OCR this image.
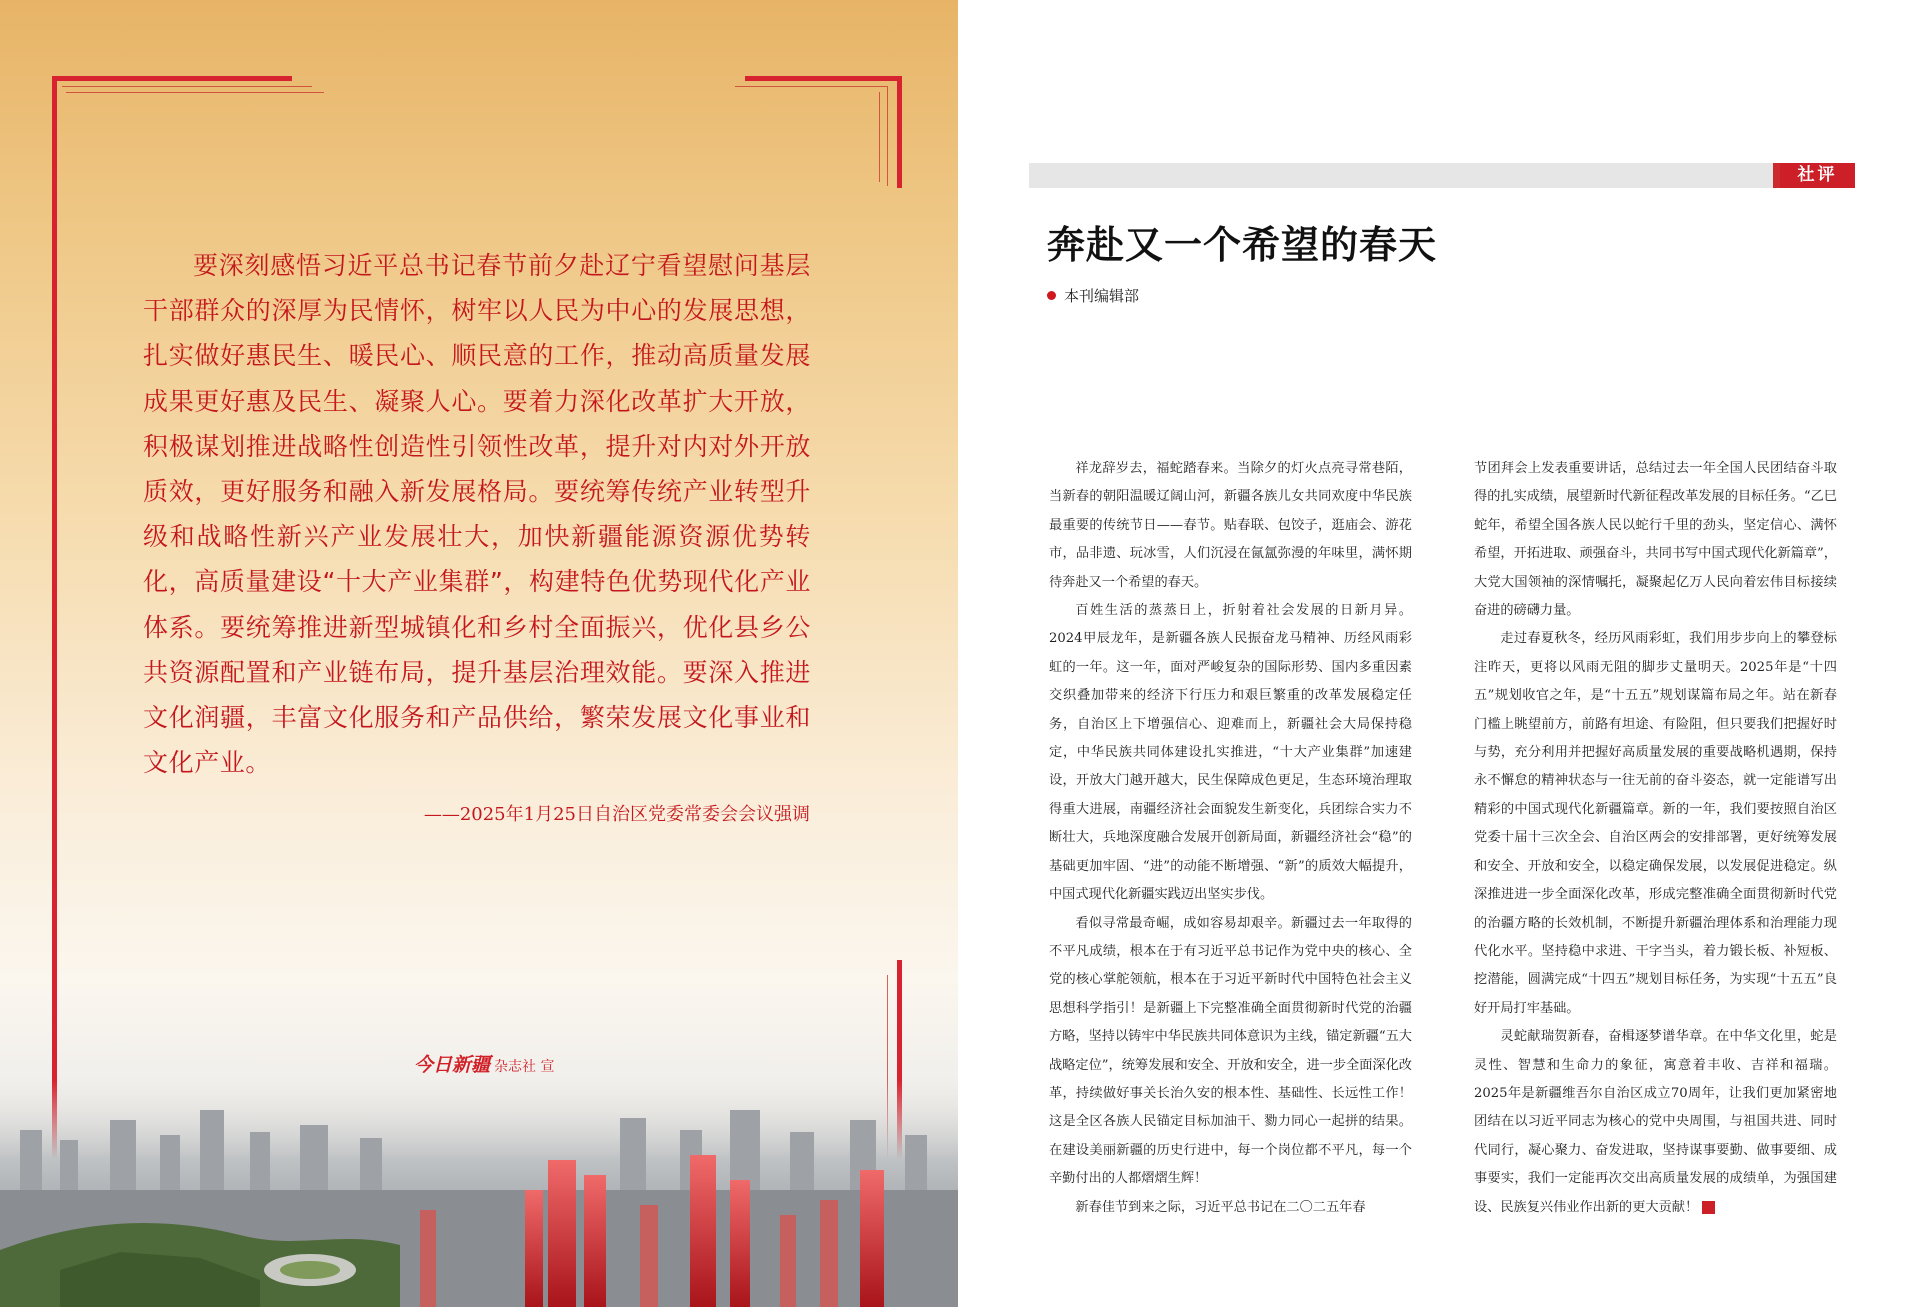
要深刻感悟习近平总书记春节前夕赴辽宁看望慰问基层干部群众的深厚为民情怀，树牢以人民为中心的发展思想，扎实做好惠民生、暖民心、顺民意的工作，推动高质量发展成果更好惠及民生、凝聚人心。要着力深化改革扩大开放，积极谋划推进战略性创造性引领性改革，提升对内对外开放质效，更好服务和融入新发展格局。要统筹传统产业转型升级和战略性新兴产业发展壮大，加快新疆能源资源优势转化，高质量建设“十大产业集群”，构建特色优势现代化产业体系。要统筹推进新型城镇化和乡村全面振兴，优化县乡公共资源配置和产业链布局，提升基层治理效能。要深入推进文化润疆，丰富文化服务和产品供给，繁荣发展文化事业和文化产业。

——2025年1月25日自治区党委常委会会议强调
今日新疆 杂志社 宣
社评
奔赴又一个希望的春天
本刊编辑部

祥龙辞岁去，福蛇踏春来。当除夕的灯火点亮寻常巷陌，当新春的朝阳温暖辽阔山河，新疆各族儿女共同欢度中华民族最重要的传统节日——春节。贴春联、包饺子，逛庙会、游花市，品非遗、玩冰雪，人们沉浸在氤氲弥漫的年味里，满怀期待奔赴又一个希望的春天。

百姓生活的蒸蒸日上，折射着社会发展的日新月异。2024甲辰龙年，是新疆各族人民振奋龙马精神、历经风雨彩虹的一年。这一年，面对严峻复杂的国际形势、国内多重因素交织叠加带来的经济下行压力和艰巨繁重的改革发展稳定任务，自治区上下增强信心、迎难而上，新疆社会大局保持稳定，中华民族共同体建设扎实推进，“十大产业集群”加速建设，开放大门越开越大，民生保障成色更足，生态环境治理取得重大进展，南疆经济社会面貌发生新变化，兵团综合实力不断壮大，兵地深度融合发展开创新局面，新疆经济社会“稳”的基础更加牢固、“进”的动能不断增强、“新”的质效大幅提升，中国式现代化新疆实践迈出坚实步伐。

看似寻常最奇崛，成如容易却艰辛。新疆过去一年取得的不平凡成绩，根本在于有习近平总书记作为党中央的核心、全党的核心掌舵领航，根本在于习近平新时代中国特色社会主义思想科学指引！是新疆上下完整准确全面贯彻新时代党的治疆方略，坚持以铸牢中华民族共同体意识为主线，锚定新疆“五大战略定位”，统筹发展和安全、开放和安全，进一步全面深化改革，持续做好事关长治久安的根本性、基础性、长远性工作！这是全区各族人民锚定目标加油干、勠力同心一起拼的结果。在建设美丽新疆的历史行进中，每一个岗位都不平凡，每一个辛勤付出的人都熠熠生辉！

新春佳节到来之际，习近平总书记在二〇二五年春

节团拜会上发表重要讲话，总结过去一年全国人民团结奋斗取得的扎实成绩，展望新时代新征程改革发展的目标任务。“乙巳蛇年，希望全国各族人民以蛇行千里的劲头，坚定信心、满怀希望，开拓进取、顽强奋斗，共同书写中国式现代化新篇章”，大党大国领袖的深情嘱托，凝聚起亿万人民向着宏伟目标接续奋进的磅礴力量。

走过春夏秋冬，经历风雨彩虹，我们用步步向上的攀登标注昨天，更将以风雨无阻的脚步丈量明天。2025年是“十四五”规划收官之年，是“十五五”规划谋篇布局之年。站在新春门槛上眺望前方，前路有坦途、有险阻，但只要我们把握好时与势，充分利用并把握好高质量发展的重要战略机遇期，保持永不懈怠的精神状态与一往无前的奋斗姿态，就一定能谱写出精彩的中国式现代化新疆篇章。新的一年，我们要按照自治区党委十届十三次全会、自治区两会的安排部署，更好统筹发展和安全、开放和安全，以稳定确保发展，以发展促进稳定。纵深推进进一步全面深化改革，形成完整准确全面贯彻新时代党的治疆方略的长效机制，不断提升新疆治理体系和治理能力现代化水平。坚持稳中求进、干字当头，着力锻长板、补短板、挖潜能，圆满完成“十四五”规划目标任务，为实现“十五五”良好开局打牢基础。

灵蛇献瑞贺新春，奋楫逐梦谱华章。在中华文化里，蛇是灵性、智慧和生命力的象征，寓意着丰收、吉祥和福瑞。2025年是新疆维吾尔自治区成立70周年，让我们更加紧密地团结在以习近平同志为核心的党中央周围，与祖国共进、同时代同行，凝心聚力、奋发进取，坚持谋事要勤、做事要细、成事要实，我们一定能再次交出高质量发展的成绩单，为强国建设、民族复兴伟业作出新的更大贡献！	J
